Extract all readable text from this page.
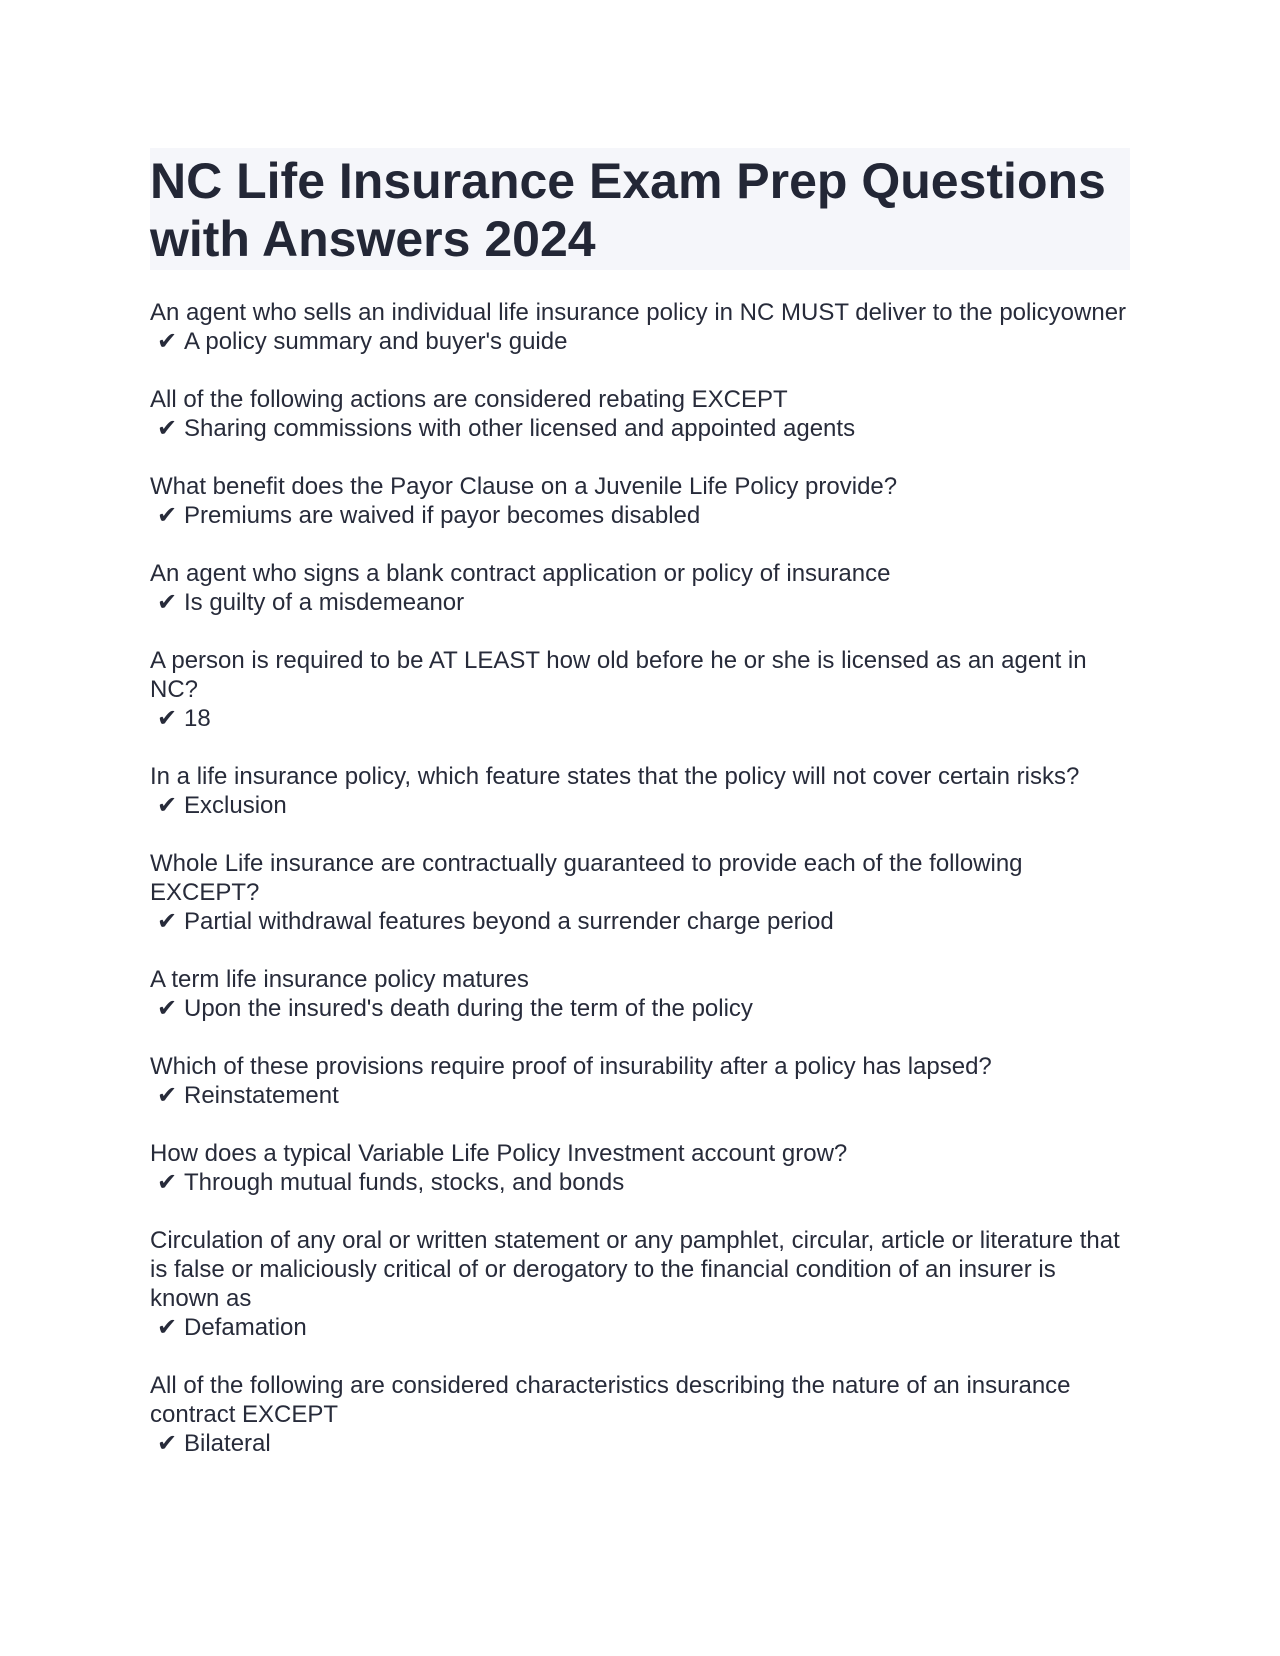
NC Life Insurance Exam Prep Questions with Answers 2024
An agent who sells an individual life insurance policy in NC MUST deliver to the policyowner
✔ A policy summary and buyer's guide
All of the following actions are considered rebating EXCEPT
✔ Sharing commissions with other licensed and appointed agents
What benefit does the Payor Clause on a Juvenile Life Policy provide?
✔ Premiums are waived if payor becomes disabled
An agent who signs a blank contract application or policy of insurance
✔ Is guilty of a misdemeanor
A person is required to be AT LEAST how old before he or she is licensed as an agent in NC?
✔ 18
In a life insurance policy, which feature states that the policy will not cover certain risks?
✔ Exclusion
Whole Life insurance are contractually guaranteed to provide each of the following EXCEPT?
✔ Partial withdrawal features beyond a surrender charge period
A term life insurance policy matures
✔ Upon the insured's death during the term of the policy
Which of these provisions require proof of insurability after a policy has lapsed?
✔ Reinstatement
How does a typical Variable Life Policy Investment account grow?
✔ Through mutual funds, stocks, and bonds
Circulation of any oral or written statement or any pamphlet, circular, article or literature that is false or maliciously critical of or derogatory to the financial condition of an insurer is known as
✔ Defamation
All of the following are considered characteristics describing the nature of an insurance contract EXCEPT
✔ Bilateral
